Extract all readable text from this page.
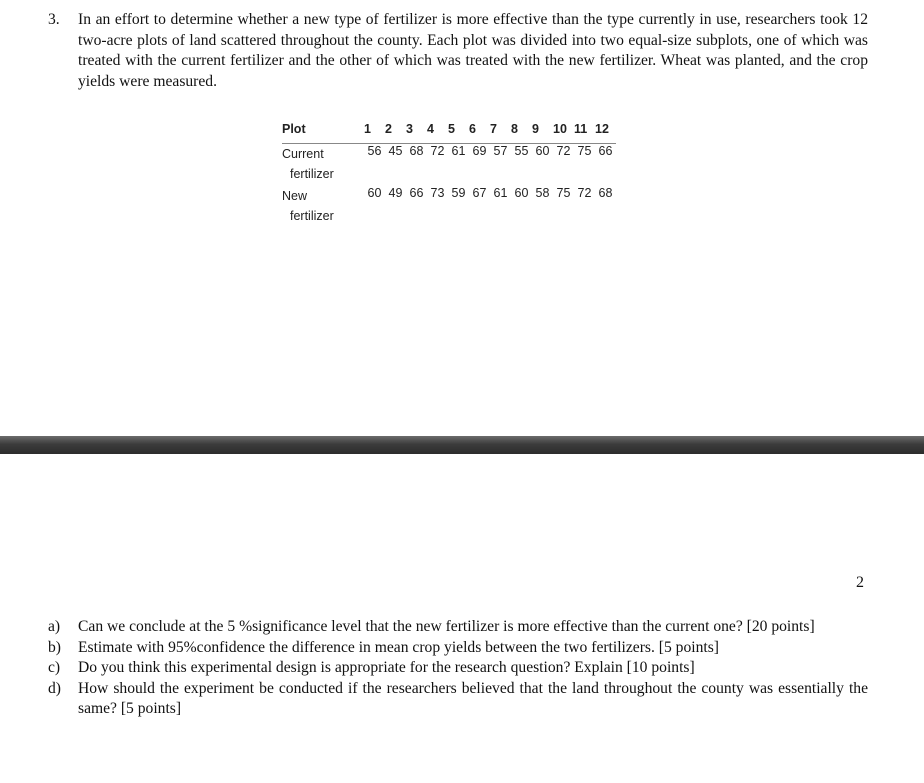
3. In an effort to determine whether a new type of fertilizer is more effective than the type currently in use, researchers took 12 two-acre plots of land scattered throughout the county. Each plot was divided into two equal-size subplots, one of which was treated with the current fertilizer and the other of which was treated with the new fertilizer. Wheat was planted, and the crop yields were measured.
Plot	1	2	3	4	5	6	7	8	9	10	11	12
Current
fertilizer	56	45	68	72	61	69	57	55	60	72	75	66

New
fertilizer	60	49	66	73	59	67	61	60	58	75	72	68
2
a) Can we conclude at the 5 %significance level that the new fertilizer is more effective than the current one? [20 points]
b) Estimate with 95%confidence the difference in mean crop yields between the two fertilizers. [5 points]
c) Do you think this experimental design is appropriate for the research question? Explain [10 points]
d) How should the experiment be conducted if the researchers believed that the land throughout the county was essentially the same? [5 points]
